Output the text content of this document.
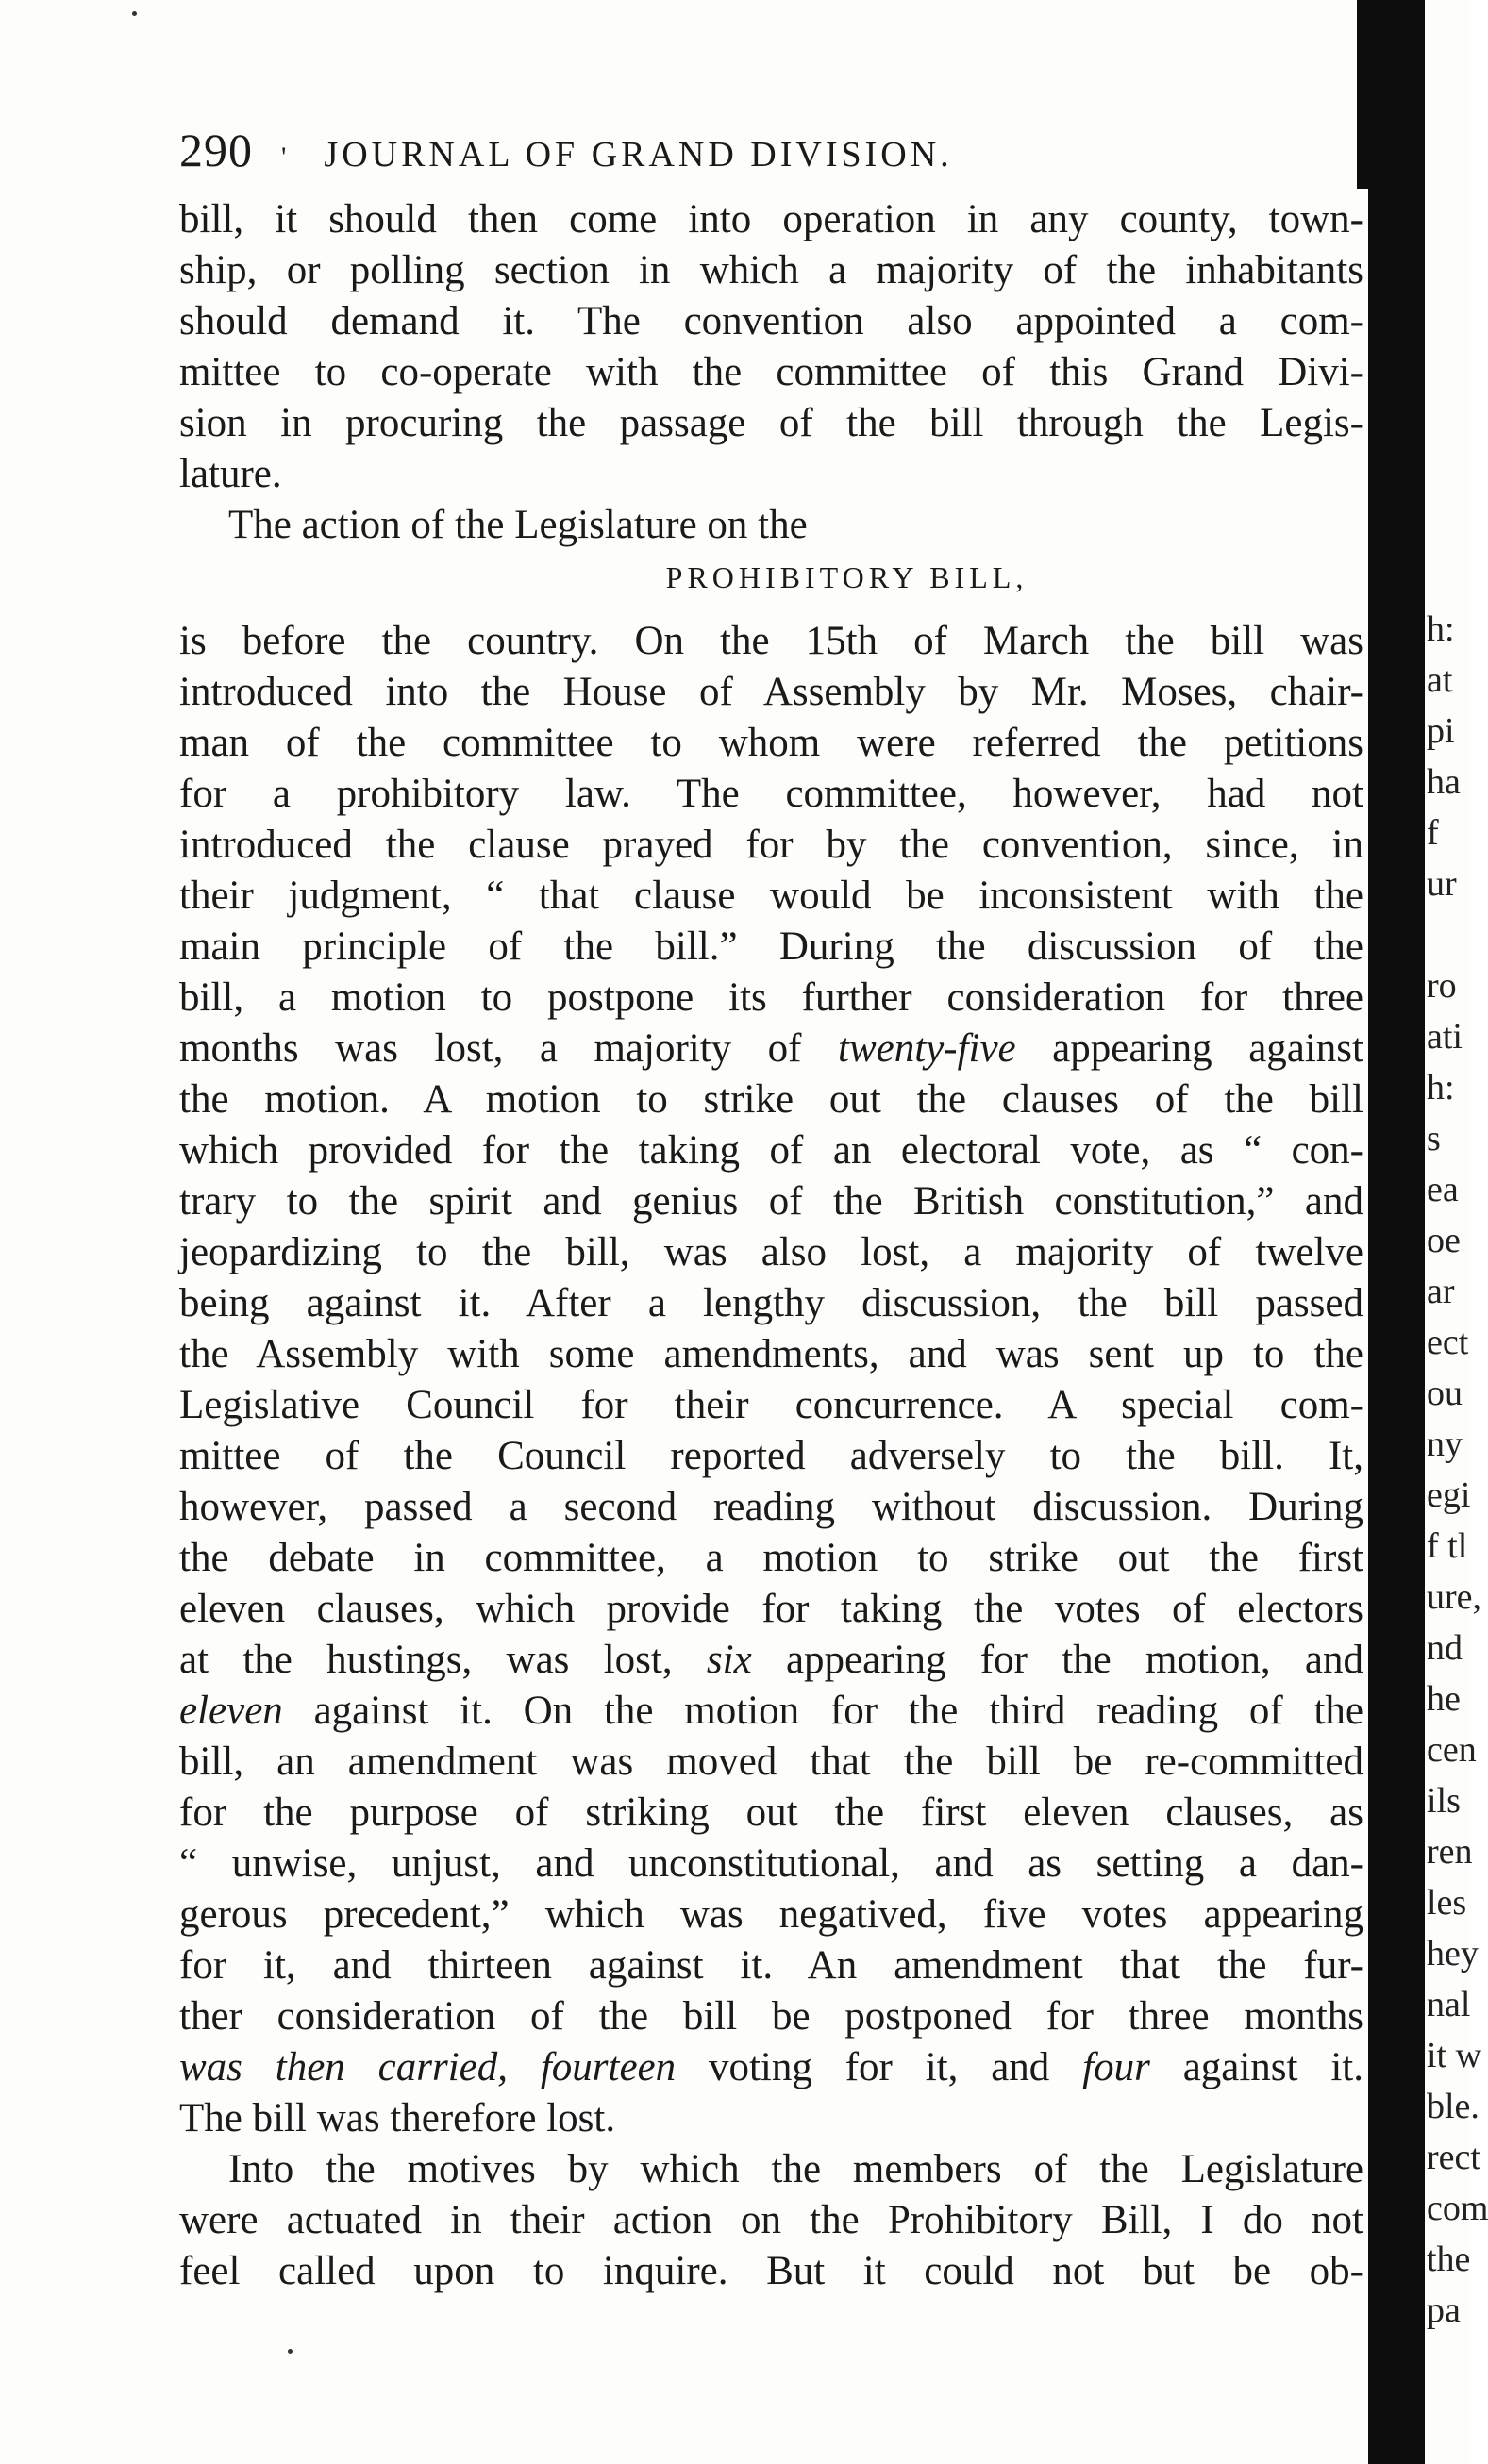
h:
at
pi
ha
f
ur

ro
ati
h:
s
ea
oe
ar
ect
ou
ny
egi
f tl
ure,
nd
he
cen
ils
ren
les
hey
nal
it w
ble.
rect
com
the
pa
290 ' JOURNAL OF GRAND DIVISION.
bill, it should then come into operation in any county, town-
ship, or polling section in which a majority of the inhabitants
should demand it. The convention also appointed a com-
mittee to co-operate with the committee of this Grand Divi-
sion in procuring the passage of the bill through the Legis-
lature.
The action of the Legislature on the
PROHIBITORY BILL,
is before the country. On the 15th of March the bill was
introduced into the House of Assembly by Mr. Moses, chair-
man of the committee to whom were referred the petitions
for a prohibitory law. The committee, however, had not
introduced the clause prayed for by the convention, since, in
their judgment, “ that clause would be inconsistent with the
main principle of the bill.” During the discussion of the
bill, a motion to postpone its further consideration for three
months was lost, a majority of twenty-five appearing against
the motion. A motion to strike out the clauses of the bill
which provided for the taking of an electoral vote, as “ con-
trary to the spirit and genius of the British constitution,” and
jeopardizing to the bill, was also lost, a majority of twelve
being against it. After a lengthy discussion, the bill passed
the Assembly with some amendments, and was sent up to the
Legislative Council for their concurrence. A special com-
mittee of the Council reported adversely to the bill. It,
however, passed a second reading without discussion. During
the debate in committee, a motion to strike out the first
eleven clauses, which provide for taking the votes of electors
at the hustings, was lost, six appearing for the motion, and
eleven against it. On the motion for the third reading of the
bill, an amendment was moved that the bill be re-committed
for the purpose of striking out the first eleven clauses, as
“ unwise, unjust, and unconstitutional, and as setting a dan-
gerous precedent,” which was negatived, five votes appearing
for it, and thirteen against it. An amendment that the fur-
ther consideration of the bill be postponed for three months
was then carried, fourteen voting for it, and four against it.
The bill was therefore lost.
Into the motives by which the members of the Legislature
were actuated in their action on the Prohibitory Bill, I do not
feel called upon to inquire. But it could not but be ob-
